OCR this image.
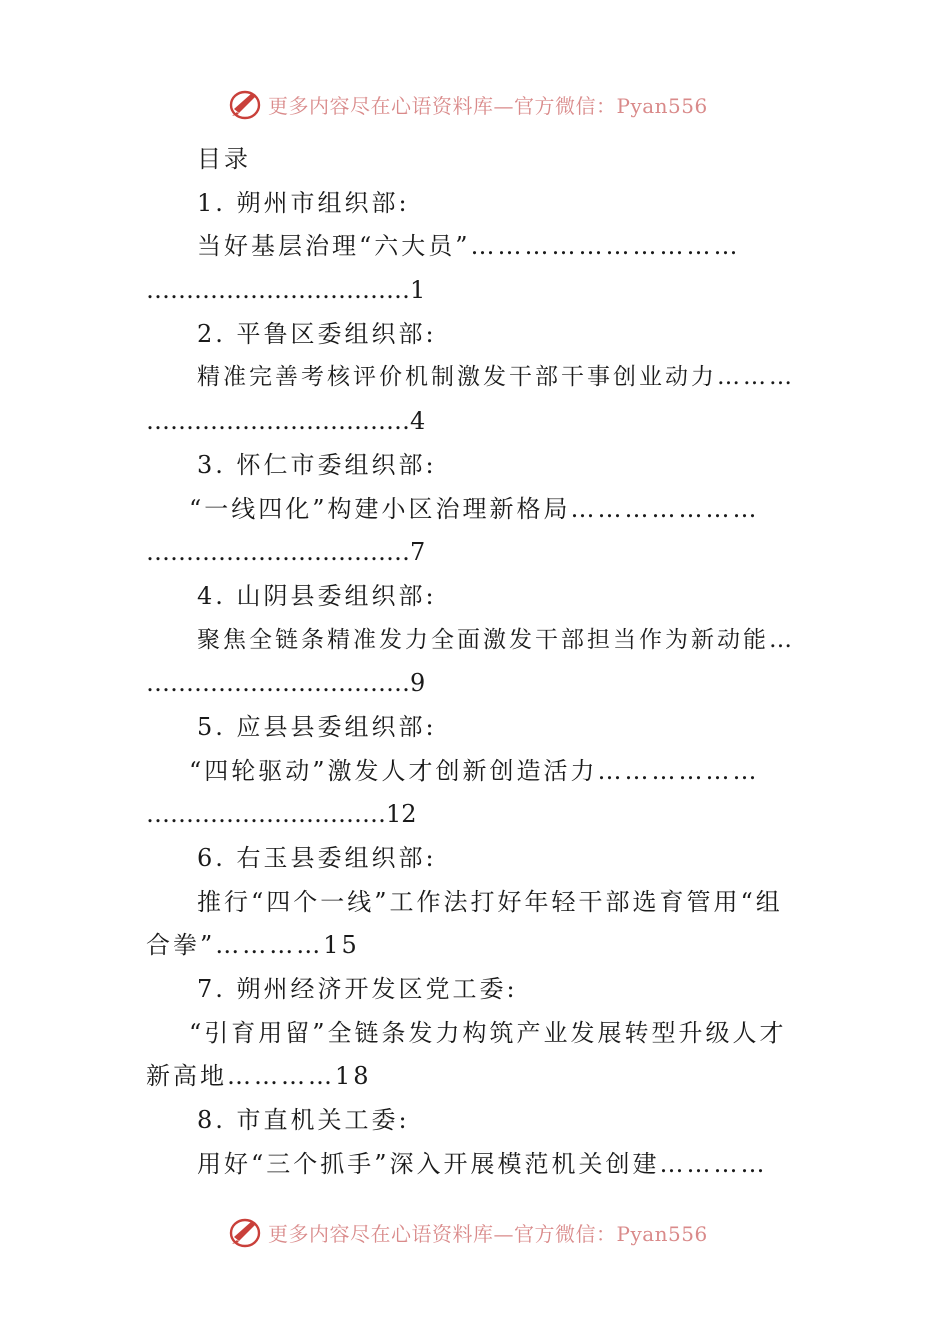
更多内容尽在心语资料库—官方微信：Pyan556
目录
1. 朔州市组织部:
当好基层治理“六大员”…………………………
……………………………1
2. 平鲁区委组织部:
精准完善考核评价机制激发干部干事创业动力………
……………………………4
3. 怀仁市委组织部:
“一线四化”构建小区治理新格局…………………
……………………………7
4. 山阴县委组织部:
聚焦全链条精准发力全面激发干部担当作为新动能…
……………………………9
5. 应县县委组织部:
“四轮驱动”激发人才创新创造活力………………
…………………………12
6. 右玉县委组织部:
推行“四个一线”工作法打好年轻干部选育管用“组
合拳”…………15
7. 朔州经济开发区党工委:
“引育用留”全链条发力构筑产业发展转型升级人才
新高地…………18
8. 市直机关工委:
用好“三个抓手”深入开展模范机关创建…………
更多内容尽在心语资料库—官方微信：Pyan556
